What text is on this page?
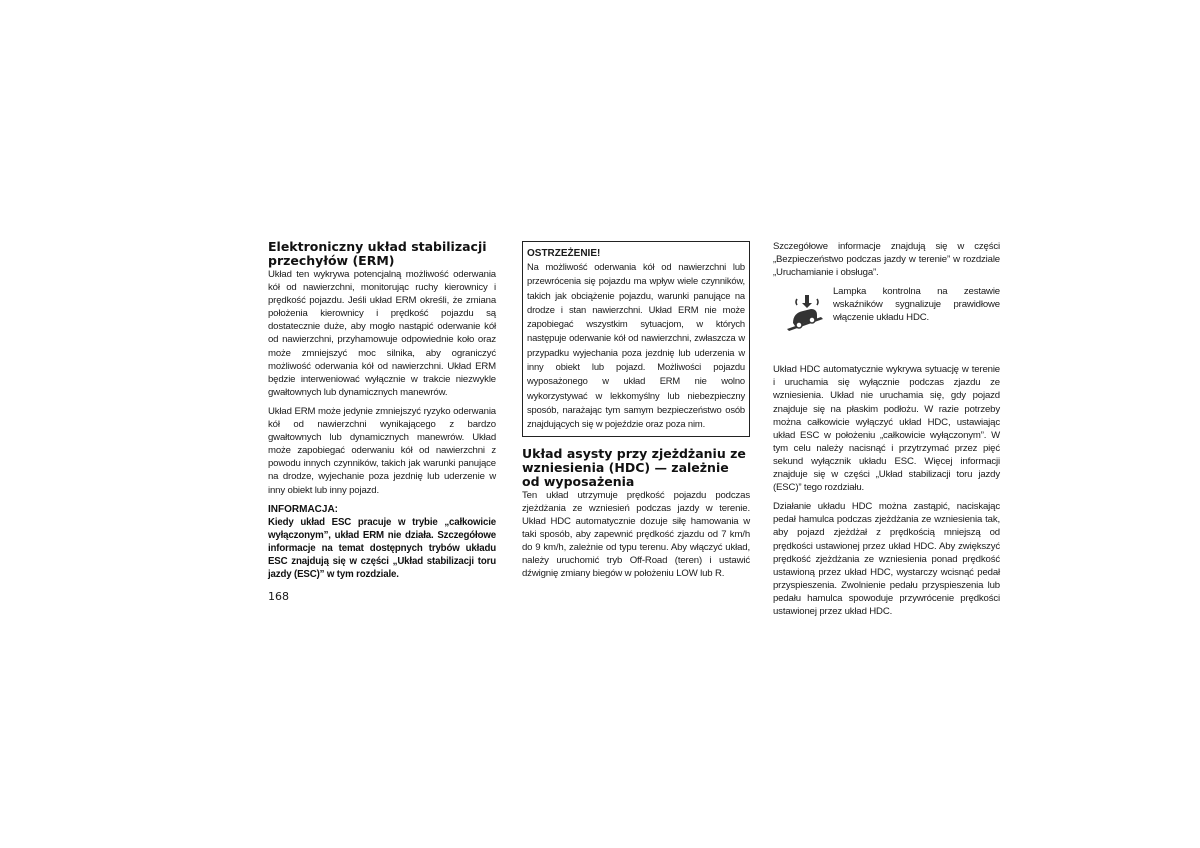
Elektroniczny układ stabilizacji przechyłów (ERM)

Układ ten wykrywa potencjalną możliwość oderwania kół od nawierzchni, monitorując ruchy kierownicy i prędkość pojazdu. Jeśli układ ERM określi, że zmiana położenia kierownicy i prędkość pojazdu są dostatecznie duże, aby mogło nastąpić oderwanie kół od nawierzchni, przyhamowuje odpowiednie koło oraz może zmniejszyć moc silnika, aby ograniczyć możliwość oderwania kół od nawierzchni. Układ ERM będzie interweniować wyłącznie w trakcie niezwykle gwałtownych lub dynamicznych manewrów.

Układ ERM może jedynie zmniejszyć ryzyko oderwania kół od nawierzchni wynikającego z bardzo gwałtownych lub dynamicznych manewrów. Układ może zapobiegać oderwaniu kół od nawierzchni z powodu innych czynników, takich jak warunki panujące na drodze, wyjechanie poza jezdnię lub uderzenie w inny obiekt lub inny pojazd.

INFORMACJA:
Kiedy układ ESC pracuje w trybie „całkowicie wyłączonym”, układ ERM nie działa. Szczegółowe informacje na temat dostępnych trybów układu ESC znajdują się w części „Układ stabilizacji toru jazdy (ESC)” w tym rozdziale.
168
OSTRZEŻENIE!
Na możliwość oderwania kół od nawierzchni lub przewrócenia się pojazdu ma wpływ wiele czynników, takich jak obciążenie pojazdu, warunki panujące na drodze i stan nawierzchni. Układ ERM nie może zapobiegać wszystkim sytuacjom, w których następuje oderwanie kół od nawierzchni, zwłaszcza w przypadku wyjechania poza jezdnię lub uderzenia w inny obiekt lub pojazd. Możliwości pojazdu wyposażonego w układ ERM nie wolno wykorzystywać w lekkomyślny lub niebezpieczny sposób, narażając tym samym bezpieczeństwo osób znajdujących się w pojeździe oraz poza nim.
Układ asysty przy zjeżdżaniu ze wzniesienia (HDC) — zależnie od wyposażenia

Ten układ utrzymuje prędkość pojazdu podczas zjeżdżania ze wzniesień podczas jazdy w terenie. Układ HDC automatycznie dozuje siłę hamowania w taki sposób, aby zapewnić prędkość zjazdu od 7 km/h do 9 km/h, zależnie od typu terenu. Aby włączyć układ, należy uruchomić tryb Off-Road (teren) i ustawić dźwignię zmiany biegów w położeniu LOW lub R.

Szczegółowe informacje znajdują się w części „Bezpieczeństwo podczas jazdy w terenie” w rozdziale „Uruchamianie i obsługa”.

Lampka kontrolna na zestawie wskaźników sygnalizuje prawidłowe włączenie układu HDC.

Układ HDC automatycznie wykrywa sytuację w terenie i uruchamia się wyłącznie podczas zjazdu ze wzniesienia. Układ nie uruchamia się, gdy pojazd znajduje się na płaskim podłożu. W razie potrzeby można całkowicie wyłączyć układ HDC, ustawiając układ ESC w położeniu „całkowicie wyłączonym”. W tym celu należy nacisnąć i przytrzymać przez pięć sekund wyłącznik układu ESC. Więcej informacji znajduje się w części „Układ stabilizacji toru jazdy (ESC)” tego rozdziału.

Działanie układu HDC można zastąpić, naciskając pedał hamulca podczas zjeżdżania ze wzniesienia tak, aby pojazd zjeżdżał z prędkością mniejszą od prędkości ustawionej przez układ HDC. Aby zwiększyć prędkość zjeżdżania ze wzniesienia ponad prędkość ustawioną przez układ HDC, wystarczy wcisnąć pedał przyspieszenia. Zwolnienie pedału przyspieszenia lub pedału hamulca spowoduje przywrócenie prędkości ustawionej przez układ HDC.
